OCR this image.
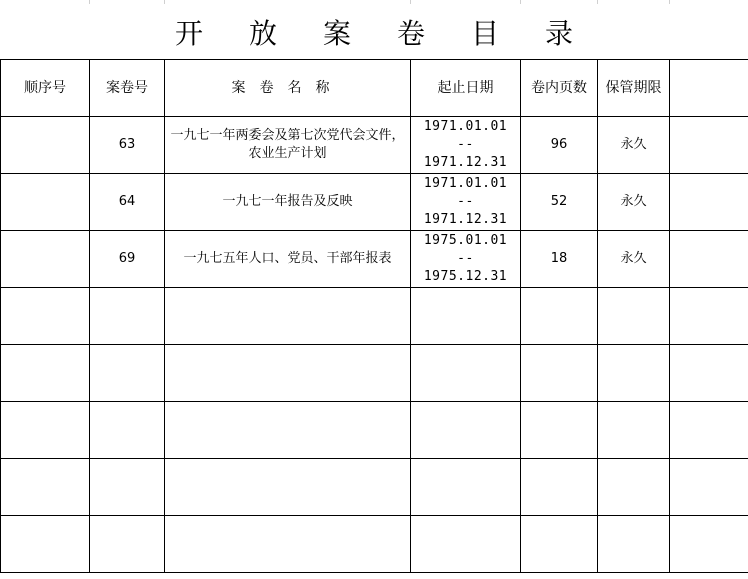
开放案卷目录
顺序号	案卷号	案卷名称	起止日期	卷内页数	保管期限	
	63	一九七一年两委会及第七次党代会文件，农业生产计划	1971.01.01
--
1971.12.31	96	永久	
	64	一九七一年报告及反映	1971.01.01
--
1971.12.31	52	永久	
	69	一九七五年人口、党员、干部年报表	1975.01.01
--
1975.12.31	18	永久	
